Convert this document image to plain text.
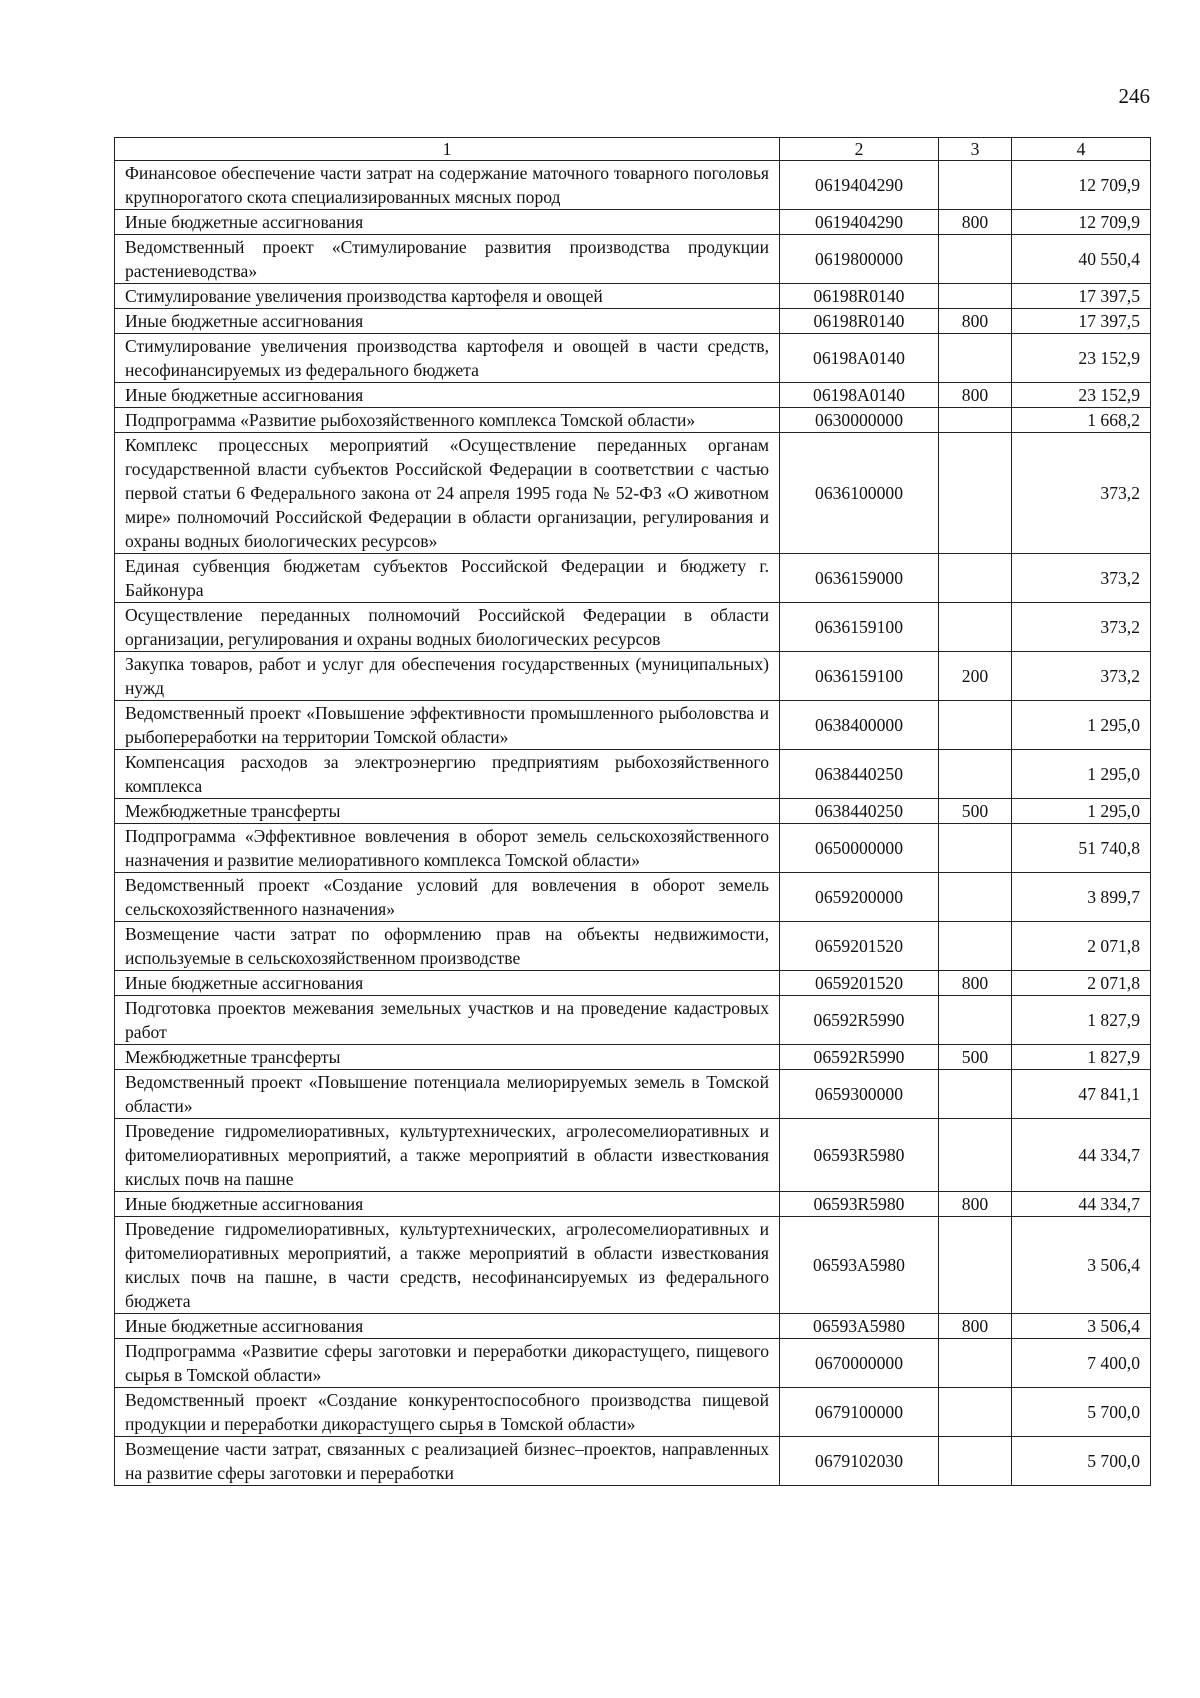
246
1	2	3	4
Финансовое обеспечение части затрат на содержание маточного товарного поголовья крупнорогатого скота специализированных мясных пород	0619404290		12 709,9
Иные бюджетные ассигнования	0619404290	800	12 709,9
Ведомственный проект «Стимулирование развития производства продукции растениеводства»	0619800000		40 550,4
Стимулирование увеличения производства картофеля и овощей	06198R0140		17 397,5
Иные бюджетные ассигнования	06198R0140	800	17 397,5
Стимулирование увеличения производства картофеля и овощей в части средств, несофинансируемых из федерального бюджета	06198A0140		23 152,9
Иные бюджетные ассигнования	06198A0140	800	23 152,9
Подпрограмма «Развитие рыбохозяйственного комплекса Томской области»	0630000000		1 668,2
Комплекс процессных мероприятий «Осуществление переданных органам государственной власти субъектов Российской Федерации в соответствии с частью первой статьи 6 Федерального закона от 24 апреля 1995 года № 52-ФЗ «О животном мире» полномочий Российской Федерации в области организации, регулирования и охраны водных биологических ресурсов»	0636100000		373,2
Единая субвенция бюджетам субъектов Российской Федерации и бюджету г. Байконура	0636159000		373,2
Осуществление переданных полномочий Российской Федерации в области организации, регулирования и охраны водных биологических ресурсов	0636159100		373,2
Закупка товаров, работ и услуг для обеспечения государственных (муниципальных) нужд	0636159100	200	373,2
Ведомственный проект «Повышение эффективности промышленного рыболовства и рыбопереработки на территории Томской области»	0638400000		1 295,0
Компенсация расходов за электроэнергию предприятиям рыбохозяйственного комплекса	0638440250		1 295,0
Межбюджетные трансферты	0638440250	500	1 295,0
Подпрограмма «Эффективное вовлечения в оборот земель сельскохозяйственного назначения и развитие мелиоративного комплекса Томской области»	0650000000		51 740,8
Ведомственный проект «Создание условий для вовлечения в оборот земель сельскохозяйственного назначения»	0659200000		3 899,7
Возмещение части затрат по оформлению прав на объекты недвижимости, используемые в сельскохозяйственном производстве	0659201520		2 071,8
Иные бюджетные ассигнования	0659201520	800	2 071,8
Подготовка проектов межевания земельных участков и на проведение кадастровых работ	06592R5990		1 827,9
Межбюджетные трансферты	06592R5990	500	1 827,9
Ведомственный проект «Повышение потенциала мелиорируемых земель в Томской области»	0659300000		47 841,1
Проведение гидромелиоративных, культуртехнических, агролесомелиоративных и фитомелиоративных мероприятий, а также мероприятий в области известкования кислых почв на пашне	06593R5980		44 334,7
Иные бюджетные ассигнования	06593R5980	800	44 334,7
Проведение гидромелиоративных, культуртехнических, агролесомелиоративных и фитомелиоративных мероприятий, а также мероприятий в области известкования кислых почв на пашне, в части средств, несофинансируемых из федерального бюджета	06593A5980		3 506,4
Иные бюджетные ассигнования	06593A5980	800	3 506,4
Подпрограмма «Развитие сферы заготовки и переработки дикорастущего, пищевого сырья в Томской области»	0670000000		7 400,0
Ведомственный проект «Создание конкурентоспособного производства пищевой продукции и переработки дикорастущего сырья в Томской области»	0679100000		5 700,0
Возмещение части затрат, связанных с реализацией бизнес–проектов, направленных на развитие сферы заготовки и переработки	0679102030		5 700,0
